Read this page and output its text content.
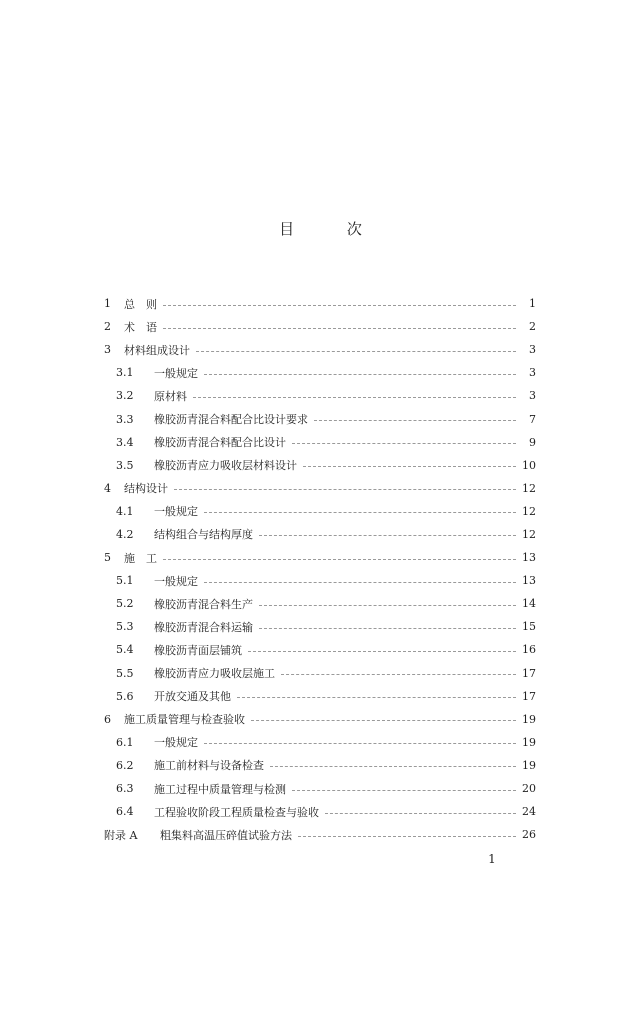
目 次
1	总　则	1
2	术　语	2
3	材料组成设计	3
3.1	一般规定	3
3.2	原材料	3
3.3	橡胶沥青混合料配合比设计要求	7
3.4	橡胶沥青混合料配合比设计	9
3.5	橡胶沥青应力吸收层材料设计	10
4	结构设计	12
4.1	一般规定	12
4.2	结构组合与结构厚度	12
5	施　工	13
5.1	一般规定	13
5.2	橡胶沥青混合料生产	14
5.3	橡胶沥青混合料运输	15
5.4	橡胶沥青面层铺筑	16
5.5	橡胶沥青应力吸收层施工	17
5.6	开放交通及其他	17
6	施工质量管理与检查验收	19
6.1	一般规定	19
6.2	施工前材料与设备检查	19
6.3	施工过程中质量管理与检测	20
6.4	工程验收阶段工程质量检查与验收	24
附录 A	粗集料高温压碎值试验方法	26
1
